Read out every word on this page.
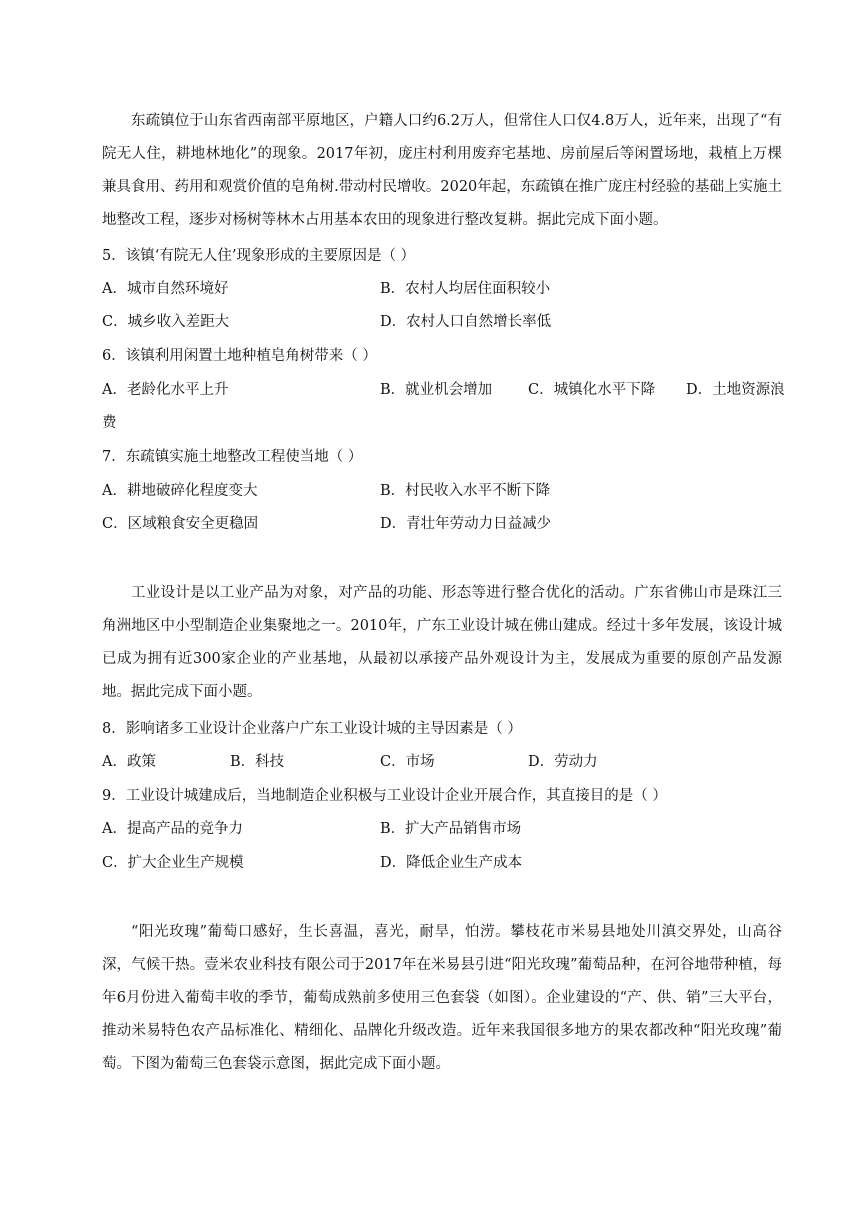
东疏镇位于山东省西南部平原地区，户籍人口约6.2万人，但常住人口仅4.8万人，近年来，出现了“有院无人住，耕地林地化”的现象。2017年初，庞庄村利用废弃宅基地、房前屋后等闲置场地，栽植上万棵兼具食用、药用和观赏价值的皂角树.带动村民增收。2020年起，东疏镇在推广庞庄村经验的基础上实施土地整改工程，逐步对杨树等林木占用基本农田的现象进行整改复耕。据此完成下面小题。

5．该镇‘有院无人住’现象形成的主要原因是（ ）
A．城市自然环境好	B．农村人均居住面积较小
C．城乡收入差距大	D．农村人口自然增长率低
6．该镇利用闲置土地种植皂角树带来（ ）
A．老龄化水平上升	B．就业机会增加 C．城镇化水平下降 D．土地资源浪
费
7．东疏镇实施土地整改工程使当地（ ）
A．耕地破碎化程度变大	B．村民收入水平不断下降
C．区域粮食安全更稳固	D．青壮年劳动力日益减少

工业设计是以工业产品为对象，对产品的功能、形态等进行整合优化的活动。广东省佛山市是珠江三角洲地区中小型制造企业集聚地之一。2010年，广东工业设计城在佛山建成。经过十多年发展，该设计城已成为拥有近300家企业的产业基地，从最初以承接产品外观设计为主，发展成为重要的原创产品发源地。据此完成下面小题。

8．影响诸多工业设计企业落户广东工业设计城的主导因素是（ ）
A．政策	B．科技	C．市场	D．劳动力
9．工业设计城建成后，当地制造企业积极与工业设计企业开展合作，其直接目的是（ ）
A．提高产品的竞争力	B．扩大产品销售市场
C．扩大企业生产规模	D．降低企业生产成本

“阳光玫瑰”葡萄口感好，生长喜温，喜光，耐旱，怕涝。攀枝花市米易县地处川滇交界处，山高谷深，气候干热。壹米农业科技有限公司于2017年在米易县引进“阳光玫瑰”葡萄品种，在河谷地带种植，每年6月份进入葡萄丰收的季节，葡萄成熟前多使用三色套袋（如图）。企业建设的“产、供、销”三大平台，推动米易特色农产品标准化、精细化、品牌化升级改造。近年来我国很多地方的果农都改种“阳光玫瑰”葡萄。下图为葡萄三色套袋示意图，据此完成下面小题。
